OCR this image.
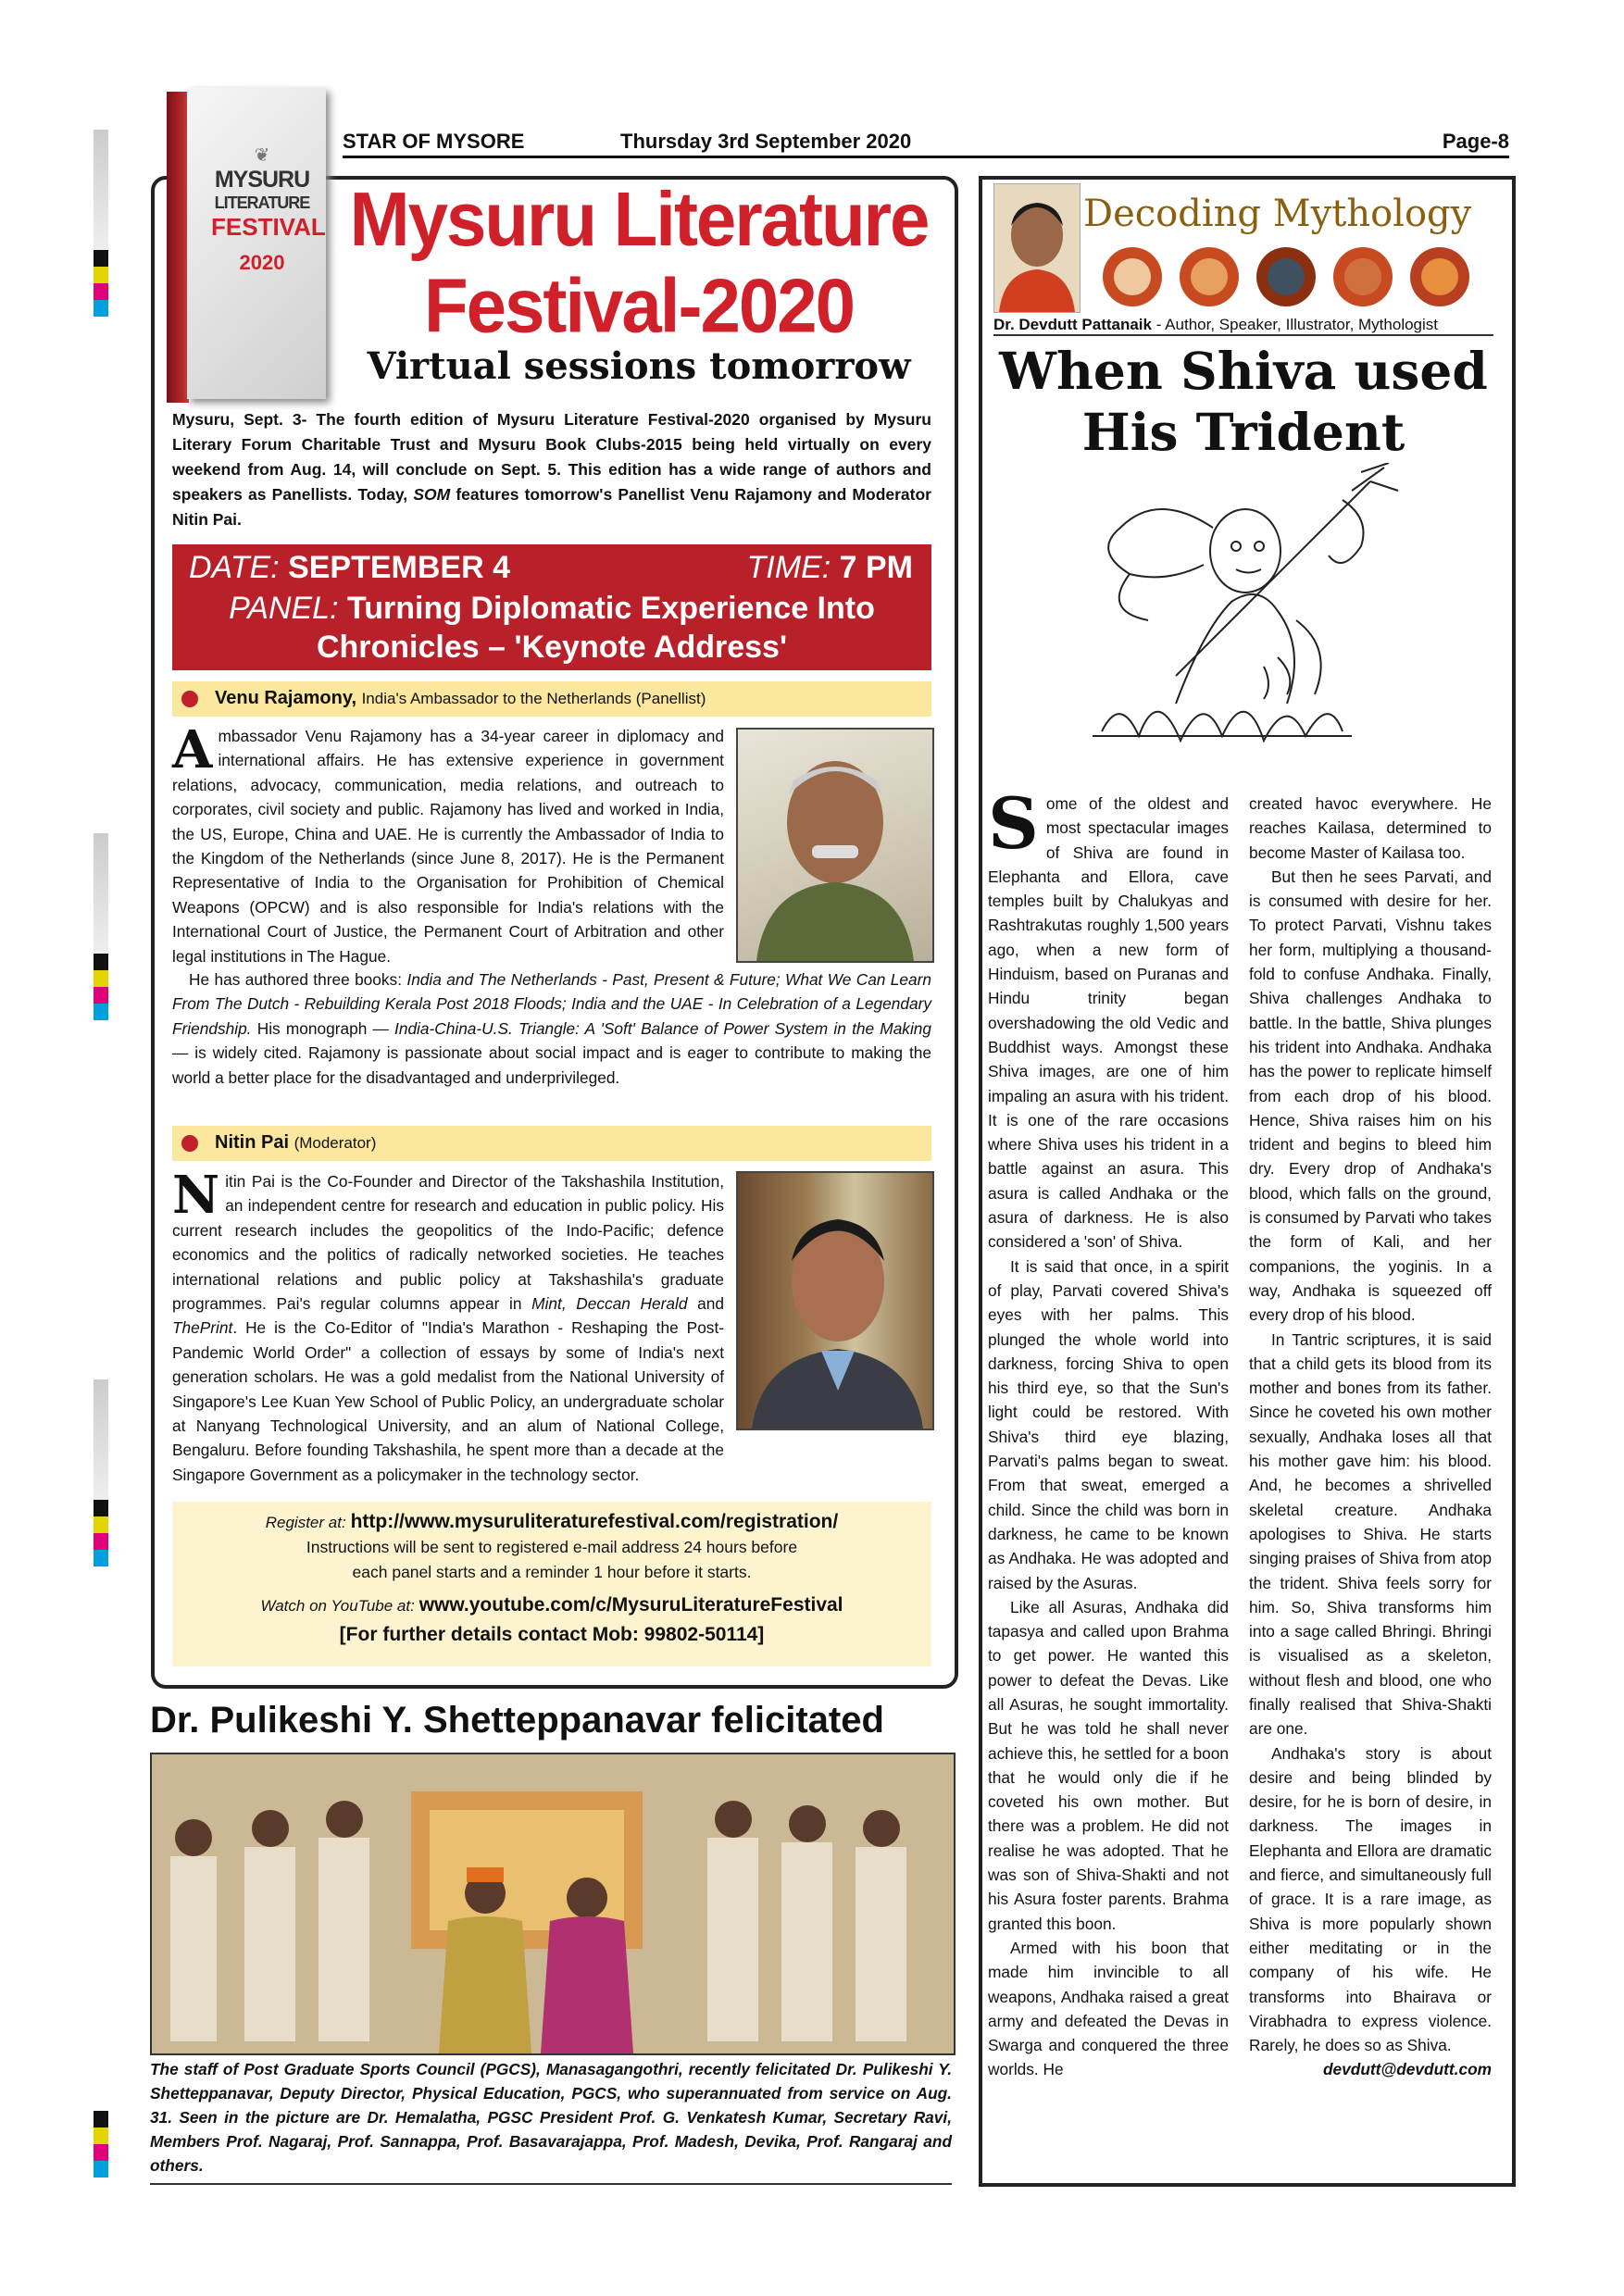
STAR OF MYSORE	Thursday 3rd September 2020	Page-8
❦
MYSURU
LITERATURE
FESTIVAL
2020
Mysuru Literature
Festival-2020
Virtual sessions tomorrow
Mysuru, Sept. 3- The fourth edition of Mysuru Literature Festival-2020 organised by Mysuru Literary Forum Charitable Trust and Mysuru Book Clubs-2015 being held virtually on every weekend from Aug. 14, will conclude on Sept. 5. This edition has a wide range of authors and speakers as Panellists. Today, SOM features tomorrow's Panellist Venu Rajamony and Moderator Nitin Pai.
DATE: SEPTEMBER 4	TIME: 7 PM
PANEL: Turning Diplomatic Experience Into
Chronicles – 'Keynote Address'
Venu Rajamony, India's Ambassador to the Netherlands (Panellist)
Ambassador Venu Rajamony has a 34-year career in diplomacy and international affairs. He has extensive experience in government relations, advocacy, communication, media relations, and outreach to corporates, civil society and public. Rajamony has lived and worked in India, the US, Europe, China and UAE. He is currently the Ambassador of India to the Kingdom of the Netherlands (since June 8, 2017). He is the Permanent Representative of India to the Organisation for Prohibition of Chemical Weapons (OPCW) and is also responsible for India's relations with the International Court of Justice, the Permanent Court of Arbitration and other legal institutions in The Hague.
He has authored three books: India and The Netherlands - Past, Present & Future; What We Can Learn From The Dutch - Rebuilding Kerala Post 2018 Floods; India and the UAE - In Celebration of a Legendary Friendship. His monograph — India-China-U.S. Triangle: A 'Soft' Balance of Power System in the Making — is widely cited. Rajamony is passionate about social impact and is eager to contribute to making the world a better place for the disadvantaged and underprivileged.
Nitin Pai (Moderator)
Nitin Pai is the Co-Founder and Director of the Takshashila Institution, an independent centre for research and education in public policy. His current research includes the geopolitics of the Indo-Pacific; defence economics and the politics of radically networked societies. He teaches international relations and public policy at Takshashila's graduate programmes. Pai's regular columns appear in Mint, Deccan Herald and ThePrint. He is the Co-Editor of "India's Marathon - Reshaping the Post-Pandemic World Order" a collection of essays by some of India's next generation scholars. He was a gold medalist from the National University of Singapore's Lee Kuan Yew School of Public Policy, an undergraduate scholar at Nanyang Technological University, and an alum of National College, Bengaluru. Before founding Takshashila, he spent more than a decade at the Singapore Government as a policymaker in the technology sector.
Register at: http://www.mysuruliteraturefestival.com/registration/
Instructions will be sent to registered e-mail address 24 hours before
each panel starts and a reminder 1 hour before it starts.
Watch on YouTube at: www.youtube.com/c/MysuruLiteratureFestival
[For further details contact Mob: 99802-50114]
Dr. Pulikeshi Y. Shetteppanavar felicitated
The staff of Post Graduate Sports Council (PGCS), Manasagangothri, recently felicitated Dr. Pulikeshi Y. Shetteppanavar, Deputy Director, Physical Education, PGCS, who superannuated from service on Aug. 31. Seen in the picture are Dr. Hemalatha, PGSC President Prof. G. Venkatesh Kumar, Secretary Ravi, Members Prof. Nagaraj, Prof. Sannappa, Prof. Basavarajappa, Prof. Madesh, Devika, Prof. Rangaraj and others.
Decoding Mythology
Dr. Devdutt Pattanaik - Author, Speaker, Illustrator, Mythologist
When Shiva used
His Trident

Some of the oldest and most spectacular images of Shiva are found in Elephanta and Ellora, cave temples built by Chalukyas and Rashtrakutas roughly 1,500 years ago, when a new form of Hinduism, based on Puranas and Hindu trinity began overshadowing the old Vedic and Buddhist ways. Amongst these Shiva images, are one of him impaling an asura with his trident. It is one of the rare occasions where Shiva uses his trident in a battle against an asura. This asura is called Andhaka or the asura of darkness. He is also considered a 'son' of Shiva.

It is said that once, in a spirit of play, Parvati covered Shiva's eyes with her palms. This plunged the whole world into darkness, forcing Shiva to open his third eye, so that the Sun's light could be restored. With Shiva's third eye blazing, Parvati's palms began to sweat. From that sweat, emerged a child. Since the child was born in darkness, he came to be known as Andhaka. He was adopted and raised by the Asuras.

Like all Asuras, Andhaka did tapasya and called upon Brahma to get power. He wanted this power to defeat the Devas. Like all Asuras, he sought immortality. But he was told he shall never achieve this, he settled for a boon that he would only die if he coveted his own mother. But there was a problem. He did not realise he was adopted. That he was son of Shiva-Shakti and not his Asura foster parents. Brahma granted this boon.

Armed with his boon that made him invincible to all weapons, Andhaka raised a great army and defeated the Devas in Swarga and conquered the three worlds. He

created havoc everywhere. He reaches Kailasa, determined to become Master of Kailasa too.

But then he sees Parvati, and is consumed with desire for her. To protect Parvati, Vishnu takes her form, multiplying a thousand-fold to confuse Andhaka. Finally, Shiva challenges Andhaka to battle. In the battle, Shiva plunges his trident into Andhaka. Andhaka has the power to replicate himself from each drop of his blood. Hence, Shiva raises him on his trident and begins to bleed him dry. Every drop of Andhaka's blood, which falls on the ground, is consumed by Parvati who takes the form of Kali, and her companions, the yoginis. In a way, Andhaka is squeezed off every drop of his blood.

In Tantric scriptures, it is said that a child gets its blood from its mother and bones from its father. Since he coveted his own mother sexually, Andhaka loses all that his mother gave him: his blood. And, he becomes a shrivelled skeletal creature. Andhaka apologises to Shiva. He starts singing praises of Shiva from atop the trident. Shiva feels sorry for him. So, Shiva transforms him into a sage called Bhringi. Bhringi is visualised as a skeleton, without flesh and blood, one who finally realised that Shiva-Shakti are one.

Andhaka's story is about desire and being blinded by desire, for he is born of desire, in darkness. The images in Elephanta and Ellora are dramatic and fierce, and simultaneously full of grace. It is a rare image, as Shiva is more popularly shown either meditating or in the company of his wife. He transforms into Bhairava or Virabhadra to express violence. Rarely, he does so as Shiva.

devdutt@devdutt.com
